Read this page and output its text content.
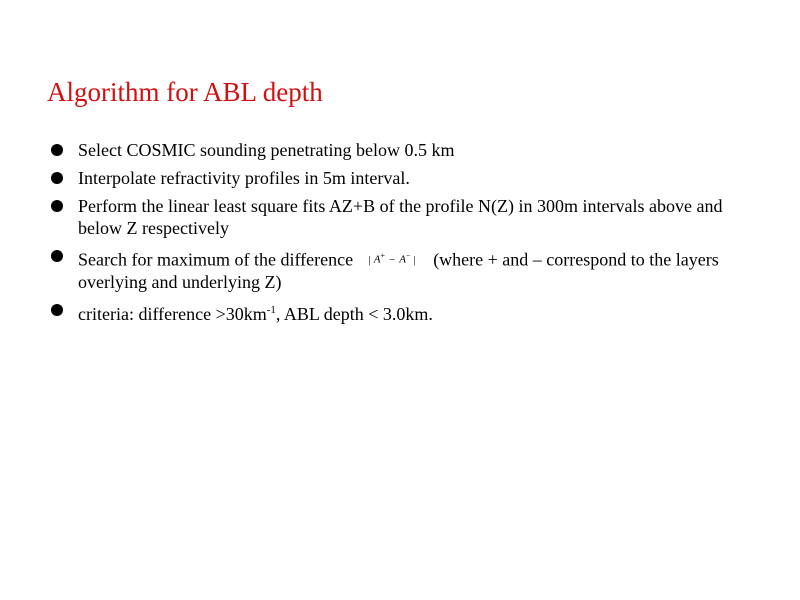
Algorithm for ABL depth
Select COSMIC sounding penetrating below 0.5 km
Interpolate refractivity profiles in 5m interval.
Perform the linear least square fits AZ+B of the profile N(Z) in 300m intervals above and below Z respectively
Search for maximum of the difference | A+ − A− | (where + and – correspond to the layers overlying and underlying Z)
criteria: difference $>30km^{-1}$, ABL depth < 3.0km.
